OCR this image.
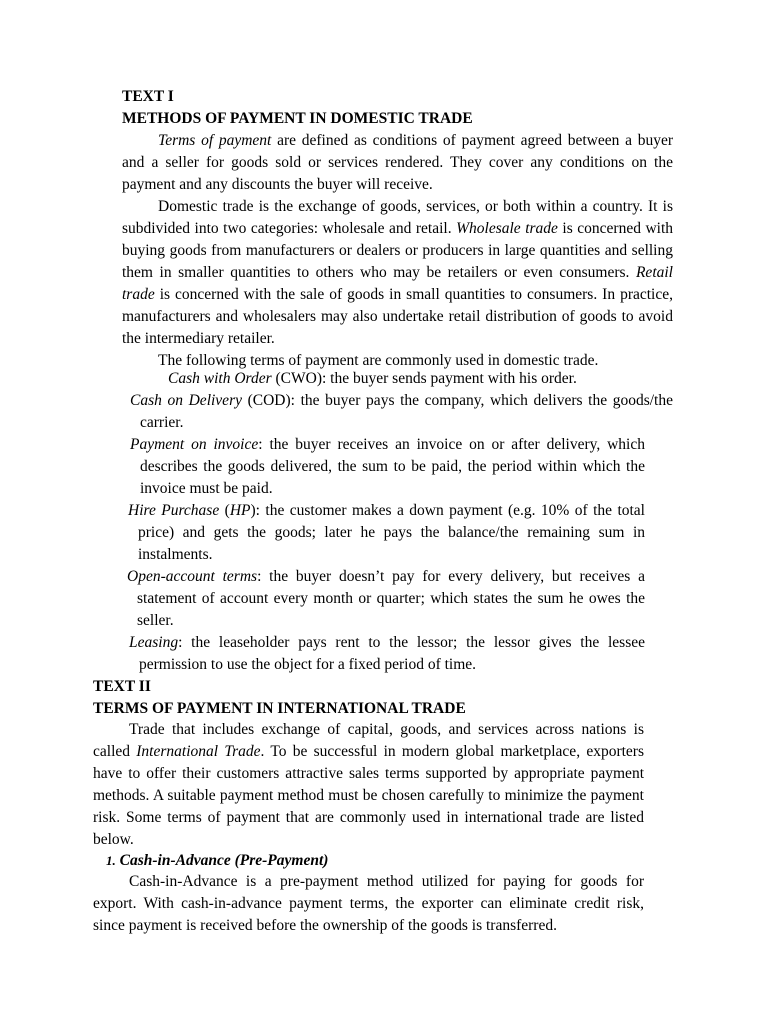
TEXT I
METHODS OF PAYMENT IN DOMESTIC TRADE

Terms of payment are defined as conditions of payment agreed between a buyer and a seller for goods sold or services rendered. They cover any conditions on the payment and any discounts the buyer will receive.

Domestic trade is the exchange of goods, services, or both within a country. It is subdivided into two categories: wholesale and retail. Wholesale trade is concerned with buying goods from manufacturers or dealers or producers in large quantities and selling them in smaller quantities to others who may be retailers or even consumers. Retail trade is concerned with the sale of goods in small quantities to consumers. In practice, manufacturers and wholesalers may also undertake retail distribution of goods to avoid the intermediary retailer.

The following terms of payment are commonly used in domestic trade.

Cash with Order (CWO): the buyer sends payment with his order.
Cash on Delivery (COD): the buyer pays the company, which delivers the goods/the carrier.
Payment on invoice: the buyer receives an invoice on or after delivery, which describes the goods delivered, the sum to be paid, the period within which the invoice must be paid.
Hire Purchase (HP): the customer makes a down payment (e.g. 10% of the total price) and gets the goods; later he pays the balance/the remaining sum in instalments.
Open-account terms: the buyer doesn’t pay for every delivery, but receives a statement of account every month or quarter; which states the sum he owes the seller.
Leasing: the leaseholder pays rent to the lessor; the lessor gives the lessee permission to use the object for a fixed period of time.
TEXT II
TERMS OF PAYMENT IN INTERNATIONAL TRADE

Trade that includes exchange of capital, goods, and services across nations is called International Trade. To be successful in modern global marketplace, exporters have to offer their customers attractive sales terms supported by appropriate payment methods. A suitable payment method must be chosen carefully to minimize the payment risk. Some terms of payment that are commonly used in international trade are listed below.

1. Cash-in-Advance (Pre-Payment)

Cash-in-Advance is a pre-payment method utilized for paying for goods for export. With cash-in-advance payment terms, the exporter can eliminate credit risk, since payment is received before the ownership of the goods is transferred.
